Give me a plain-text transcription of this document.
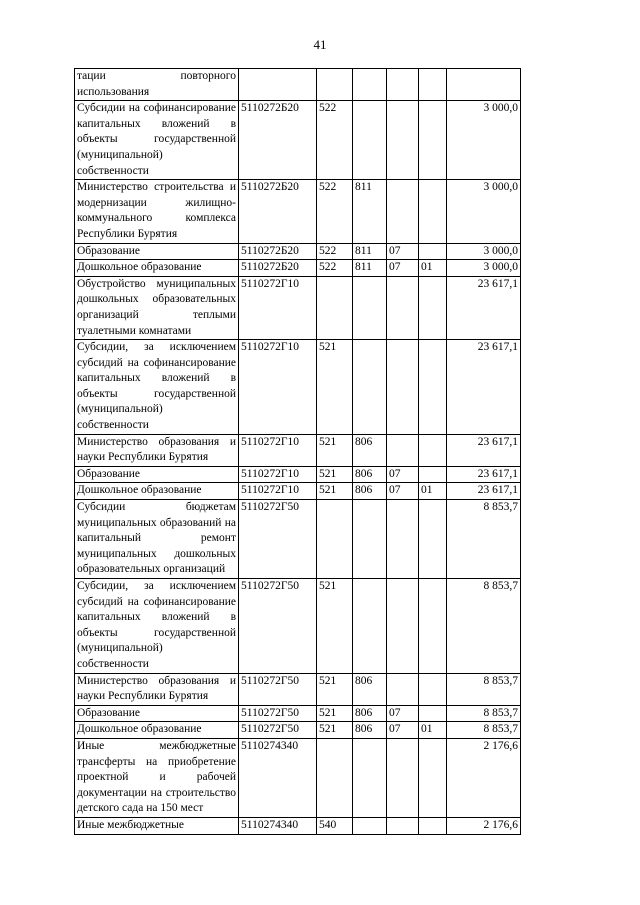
41
тации повторного использования						
Субсидии на софинансирование капитальных вложений в объекты государственной (муниципальной) собственности	5110272Б20	522				3 000,0
Министерство строительства и модернизации жилищно-коммунального комплекса Республики Бурятия	5110272Б20	522	811			3 000,0
Образование	5110272Б20	522	811	07		3 000,0
Дошкольное образование	5110272Б20	522	811	07	01	3 000,0
Обустройство муниципальных дошкольных образовательных организаций теплыми туалетными комнатами	5110272Г10					23 617,1
Субсидии, за исключением субсидий на софинансирование капитальных вложений в объекты государственной (муниципальной) собственности	5110272Г10	521				23 617,1
Министерство образования и науки Республики Бурятия	5110272Г10	521	806			23 617,1
Образование	5110272Г10	521	806	07		23 617,1
Дошкольное образование	5110272Г10	521	806	07	01	23 617,1
Субсидии бюджетам муниципальных образований на капитальный ремонт муниципальных дошкольных образовательных организаций	5110272Г50					8 853,7
Субсидии, за исключением субсидий на софинансирование капитальных вложений в объекты государственной (муниципальной) собственности	5110272Г50	521				8 853,7
Министерство образования и науки Республики Бурятия	5110272Г50	521	806			8 853,7
Образование	5110272Г50	521	806	07		8 853,7
Дошкольное образование	5110272Г50	521	806	07	01	8 853,7
Иные межбюджетные трансферты на приобретение проектной и рабочей документации на строительство детского сада на 150 мест	5110274340					2 176,6
Иные межбюджетные	5110274340	540				2 176,6
